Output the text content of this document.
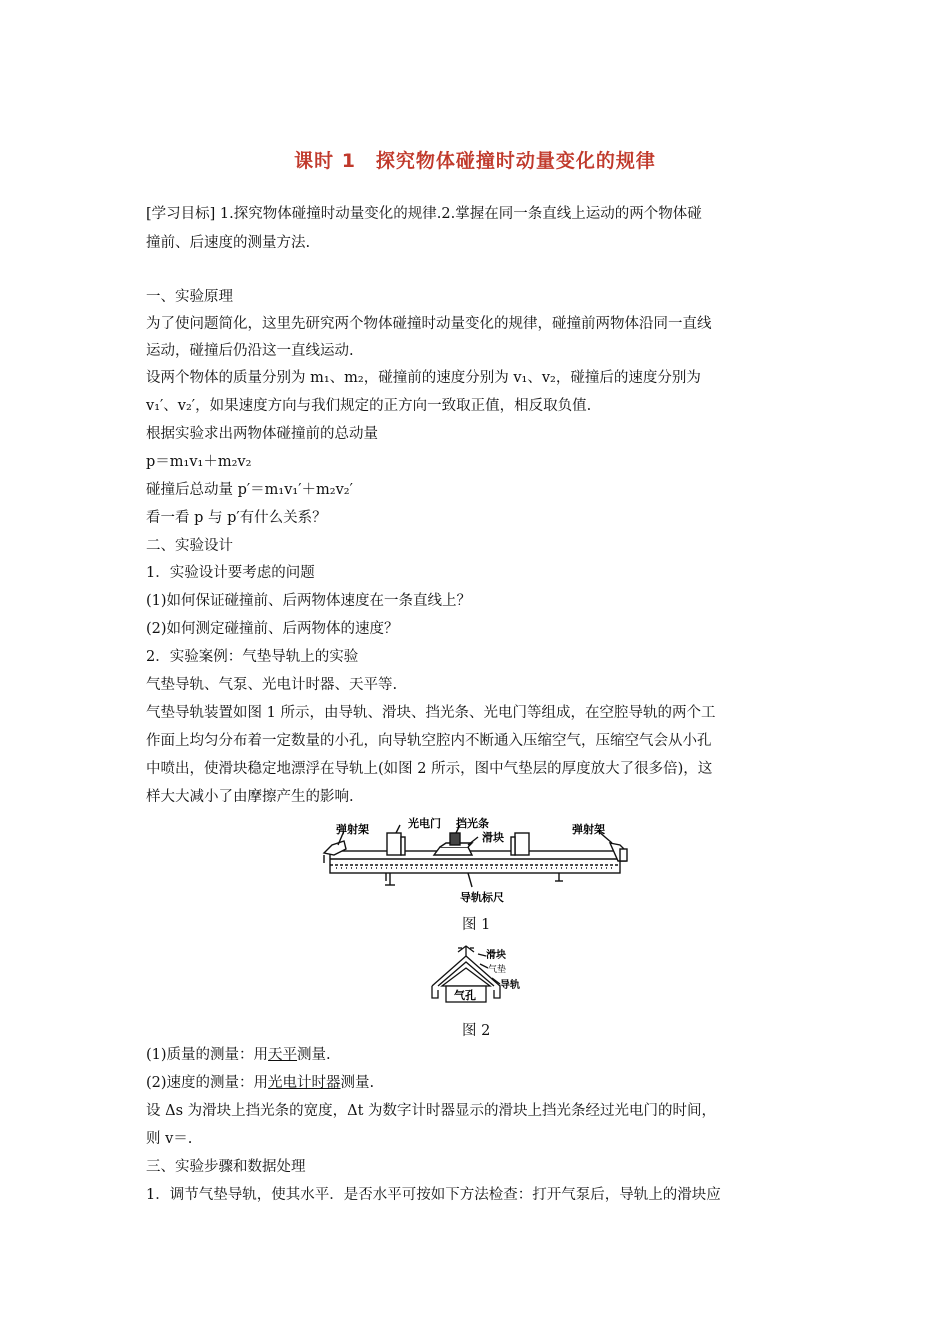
课时 1　探究物体碰撞时动量变化的规律
[学习目标] 1.探究物体碰撞时动量变化的规律.2.掌握在同一条直线上运动的两个物体碰
撞前、后速度的测量方法.
一、实验原理
为了使问题简化，这里先研究两个物体碰撞时动量变化的规律，碰撞前两物体沿同一直线
运动，碰撞后仍沿这一直线运动.
设两个物体的质量分别为 m₁、m₂，碰撞前的速度分别为 v₁、v₂，碰撞后的速度分别为
v₁′、v₂′，如果速度方向与我们规定的正方向一致取正值，相反取负值.
根据实验求出两物体碰撞前的总动量
p＝m₁v₁＋m₂v₂
碰撞后总动量 p′＝m₁v₁′＋m₂v₂′
看一看 p 与 p′有什么关系？
二、实验设计
1．实验设计要考虑的问题
(1)如何保证碰撞前、后两物体速度在一条直线上？
(2)如何测定碰撞前、后两物体的速度？
2．实验案例：气垫导轨上的实验
气垫导轨、气泵、光电计时器、天平等.
气垫导轨装置如图 1 所示，由导轨、滑块、挡光条、光电门等组成，在空腔导轨的两个工
作面上均匀分布着一定数量的小孔，向导轨空腔内不断通入压缩空气，压缩空气会从小孔
中喷出，使滑块稳定地漂浮在导轨上(如图 2 所示，图中气垫层的厚度放大了很多倍)，这
样大大减小了由摩擦产生的影响.
弹射架	光电门 挡光条
滑块
弹射架
导轨标尺
图 1
滑块
气垫
导轨
气孔
图 2
(1)质量的测量：用天平测量.
(2)速度的测量：用光电计时器测量.
设 Δs 为滑块上挡光条的宽度，Δt 为数字计时器显示的滑块上挡光条经过光电门的时间，
则 v＝.
三、实验步骤和数据处理
1．调节气垫导轨，使其水平．是否水平可按如下方法检查：打开气泵后，导轨上的滑块应
